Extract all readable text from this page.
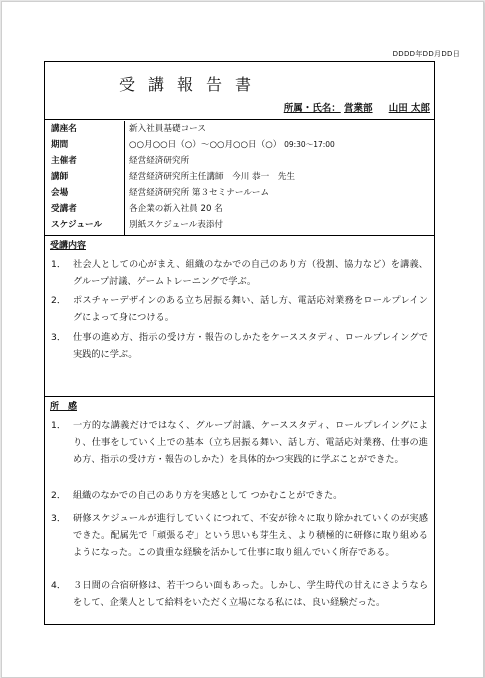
DDDD年DD月DD日
受講報告書
所属・氏名： 営業部 　 山田 太郎
講座名	新入社員基礎コース
期間	○○月○○日（○）～○○月○○日（○） 09:30～17:00
主催者	経営経済研究所
講師	経営経済研究所主任講師　今川 恭一　先生
会場	経営経済研究所 第３セミナールーム
受講者	各企業の新入社員 20 名
スケジュール	別紙スケジュール表添付
受講内容
1． 社会人としての心がまえ、組織のなかでの自己のあり方（役割、協力など）を講義、グループ討議、ゲームトレーニングで学ぶ。
2． ポスチャーデザインのある立ち居振る舞い、話し方、電話応対業務をロールプレイングによって身につける。
3． 仕事の進め方、指示の受け方・報告のしかたをケーススタディ、ロールプレイングで実践的に学ぶ。
所　感
1． 一方的な講義だけではなく、グループ討議、ケーススタディ、ロールプレイングにより、仕事をしていく上での基本（立ち居振る舞い、話し方、電話応対業務、仕事の進め方、指示の受け方・報告のしかた）を具体的かつ実践的に学ぶことができた。
2． 組織のなかでの自己のあり方を実感として つかむことができた。
3． 研修スケジュールが進行していくにつれて、不安が徐々に取り除かれていくのが実感できた。配属先で「頑張るぞ」という思いも芽生え、より積極的に研修に取り組めるようになった。この貴重な経験を活かして仕事に取り組んでいく所存である。
4． ３日間の合宿研修は、若干つらい面もあった。しかし、学生時代の甘えにさようならをして、企業人として給料をいただく立場になる私には、良い経験だった。
